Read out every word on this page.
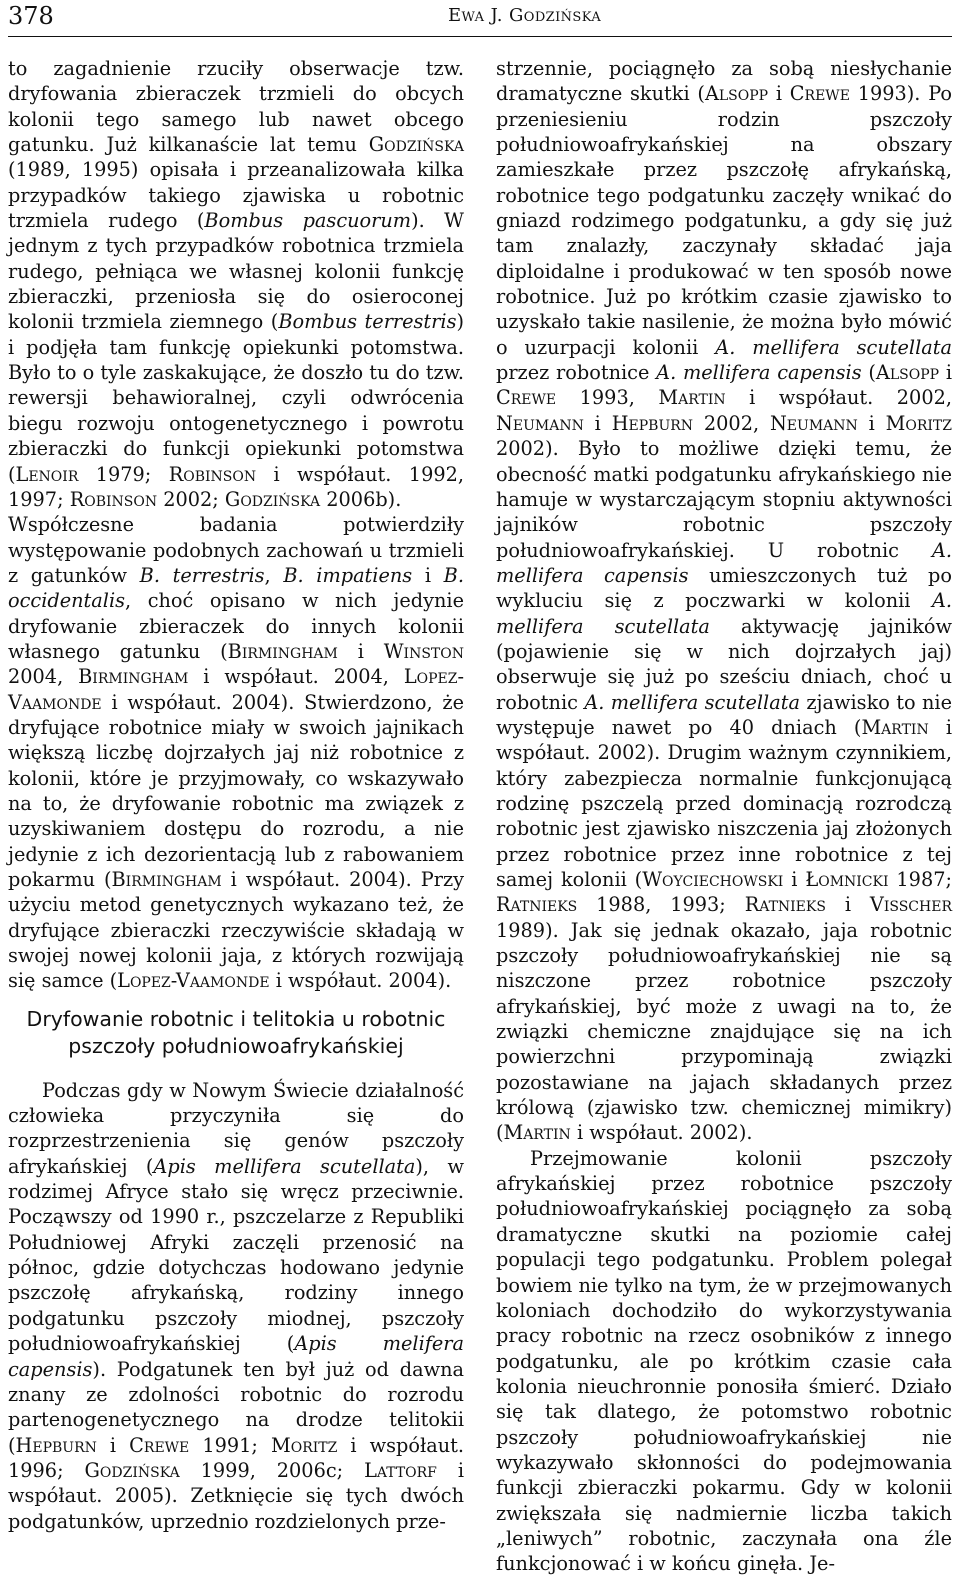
378	Ewa J. Godzińska

to zagadnienie rzuciły obserwacje tzw. dryfowania zbieraczek trzmieli do obcych kolonii tego samego lub nawet obcego gatunku. Już kilkanaście lat temu Godzińska (1989, 1995) opisała i przeanalizowała kilka przypadków takiego zjawiska u robotnic trzmiela rudego (Bombus pascuorum). W jednym z tych przypadków robotnica trzmiela rudego, pełniąca we własnej kolonii funkcję zbieraczki, przeniosła się do osieroconej kolonii trzmiela ziemnego (Bombus terrestris) i podjęła tam funkcję opiekunki potomstwa. Było to o tyle zaskakujące, że doszło tu do tzw. rewersji behawioralnej, czyli odwrócenia biegu rozwoju ontogenetycznego i powrotu zbieraczki do funkcji opiekunki potomstwa (Lenoir 1979; Robinson i współaut. 1992, 1997; Robinson 2002; Godzińska 2006b).

Współczesne badania potwierdziły występowanie podobnych zachowań u trzmieli z gatunków B. terrestris, B. impatiens i B. occidentalis, choć opisano w nich jedynie dryfowanie zbieraczek do innych kolonii własnego gatunku (Birmingham i Winston 2004, Birmingham i współaut. 2004, Lopez-Vaamonde i współaut. 2004). Stwierdzono, że dryfujące robotnice miały w swoich jajnikach większą liczbę dojrzałych jaj niż robotnice z kolonii, które je przyjmowały, co wskazywało na to, że dryfowanie robotnic ma związek z uzyskiwaniem dostępu do rozrodu, a nie jedynie z ich dezorientacją lub z rabowaniem pokarmu (Birmingham i współaut. 2004). Przy użyciu metod genetycznych wykazano też, że dryfujące zbieraczki rzeczywiście składają w swojej nowej kolonii jaja, z których rozwijają się samce (Lopez-Vaamonde i współaut. 2004).

Dryfowanie robotnic i telitokia u robotnic pszczoły południowoafrykańskiej

Podczas gdy w Nowym Świecie działalność człowieka przyczyniła się do rozprzestrzenienia się genów pszczoły afrykańskiej (Apis mellifera scutellata), w rodzimej Afryce stało się wręcz przeciwnie. Począwszy od 1990 r., pszczelarze z Republiki Południowej Afryki zaczęli przenosić na północ, gdzie dotychczas hodowano jedynie pszczołę afrykańską, rodziny innego podgatunku pszczoły miodnej, pszczoły południowoafrykańskiej (Apis melifera capensis). Podgatunek ten był już od dawna znany ze zdolności robotnic do rozrodu partenogenetycznego na drodze telitokii (Hepburn i Crewe 1991; Moritz i współaut. 1996; Godzińska 1999, 2006c; Lattorf i współaut. 2005). Zetknięcie się tych dwóch podgatunków, uprzednio rozdzielonych prze-

strzennie, pociągnęło za sobą niesłychanie dramatyczne skutki (Alsopp i Crewe 1993). Po przeniesieniu rodzin pszczoły południowoafrykańskiej na obszary zamieszkałe przez pszczołę afrykańską, robotnice tego podgatunku zaczęły wnikać do gniazd rodzimego podgatunku, a gdy się już tam znalazły, zaczynały składać jaja diploidalne i produkować w ten sposób nowe robotnice. Już po krótkim czasie zjawisko to uzyskało takie nasilenie, że można było mówić o uzurpacji kolonii A. mellifera scutellata przez robotnice A. mellifera capensis (Alsopp i Crewe 1993, Martin i współaut. 2002, Neumann i Hepburn 2002, Neumann i Moritz 2002). Było to możliwe dzięki temu, że obecność matki podgatunku afrykańskiego nie hamuje w wystarczającym stopniu aktywności jajników robotnic pszczoły południowoafrykańskiej. U robotnic A. mellifera capensis umieszczonych tuż po wykluciu się z poczwarki w kolonii A. mellifera scutellata aktywację jajników (pojawienie się w nich dojrzałych jaj) obserwuje się już po sześciu dniach, choć u robotnic A. mellifera scutellata zjawisko to nie występuje nawet po 40 dniach (Martin i współaut. 2002). Drugim ważnym czynnikiem, który zabezpiecza normalnie funkcjonującą rodzinę pszczelą przed dominacją rozrodczą robotnic jest zjawisko niszczenia jaj złożonych przez robotnice przez inne robotnice z tej samej kolonii (Woyciechowski i Łomnicki 1987; Ratnieks 1988, 1993; Ratnieks i Visscher 1989). Jak się jednak okazało, jaja robotnic pszczoły południowoafrykańskiej nie są niszczone przez robotnice pszczoły afrykańskiej, być może z uwagi na to, że związki chemiczne znajdujące się na ich powierzchni przypominają związki pozostawiane na jajach składanych przez królową (zjawisko tzw. chemicznej mimikry) (Martin i współaut. 2002).

Przejmowanie kolonii pszczoły afrykańskiej przez robotnice pszczoły południowoafrykańskiej pociągnęło za sobą dramatyczne skutki na poziomie całej populacji tego podgatunku. Problem polegał bowiem nie tylko na tym, że w przejmowanych koloniach dochodziło do wykorzystywania pracy robotnic na rzecz osobników z innego podgatunku, ale po krótkim czasie cała kolonia nieuchronnie ponosiła śmierć. Działo się tak dlatego, że potomstwo robotnic pszczoły południowoafrykańskiej nie wykazywało skłonności do podejmowania funkcji zbieraczki pokarmu. Gdy w kolonii zwiększała się nadmiernie liczba takich „leniwych” robotnic, zaczynała ona źle funkcjonować i w końcu ginęła. Je-
